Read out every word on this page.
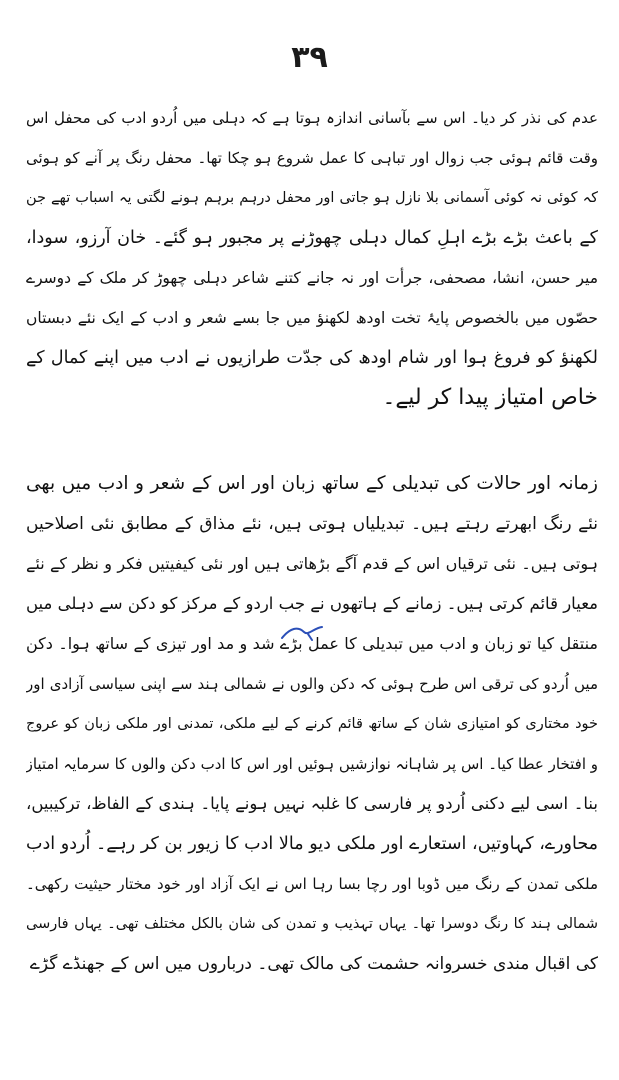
۳۹
عدم کی نذر کر دیا۔ اس سے بآسانی اندازہ ہوتا ہے کہ دہلی میں اُردو ادب کی محفل اس
وقت قائم ہوئی جب زوال اور تباہی کا عمل شروع ہو چکا تھا۔ محفل رنگ پر آنے کو ہوئی
کہ کوئی نہ کوئی آسمانی بلا نازل ہو جاتی اور محفل درہم برہم ہونے لگتی یہ اسباب تھے جن
کے باعث بڑے بڑے اہلِ کمال دہلی چھوڑنے پر مجبور ہو گئے۔ خان آرزو، سودا،
میر حسن، انشا، مصحفی، جرأت اور نہ جانے کتنے شاعر دہلی چھوڑ کر ملک کے دوسرے
حصّوں میں بالخصوص پایۂ تخت اودھ لکھنؤ میں جا بسے شعر و ادب کے ایک نئے دبستاں
لکھنؤ کو فروغ ہوا اور شام اودھ کی جدّت طرازیوں نے ادب میں اپنے کمال کے
خاص امتیاز پیدا کر لیے۔
زمانہ اور حالات کی تبدیلی کے ساتھ زبان اور اس کے شعر و ادب میں بھی
نئے رنگ ابھرتے رہتے ہیں۔ تبدیلیاں ہوتی ہیں، نئے مذاق کے مطابق نئی اصلاحیں
ہوتی ہیں۔ نئی ترقیاں اس کے قدم آگے بڑھاتی ہیں اور نئی کیفیتیں فکر و نظر کے نئے
معیار قائم کرتی ہیں۔ زمانے کے ہاتھوں نے جب اردو کے مرکز کو دکن سے دہلی میں
منتقل کیا تو زبان و ادب میں تبدیلی کا عمل بڑے شد و مد اور تیزی کے ساتھ ہوا۔ دکن
میں اُردو کی ترقی اس طرح ہوئی کہ دکن والوں نے شمالی ہند سے اپنی سیاسی آزادی اور
خود مختاری کو امتیازی شان کے ساتھ قائم کرنے کے لیے ملکی، تمدنی اور ملکی زبان کو عروج
و افتخار عطا کیا۔ اس پر شاہانہ نوازشیں ہوئیں اور اس کا ادب دکن والوں کا سرمایہ امتیاز
بنا۔ اسی لیے دکنی اُردو پر فارسی کا غلبہ نہیں ہونے پایا۔ ہندی کے الفاظ، ترکیبیں،
محاورے، کہاوتیں، استعارے اور ملکی دیو مالا ادب کا زیور بن کر رہے۔ اُردو ادب
ملکی تمدن کے رنگ میں ڈوبا اور رچا بسا رہا اس نے ایک آزاد اور خود مختار حیثیت رکھی۔
شمالی ہند کا رنگ دوسرا تھا۔ یہاں تہذیب و تمدن کی شان بالکل مختلف تھی۔ یہاں فارسی
کی اقبال مندی خسروانہ حشمت کی مالک تھی۔ درباروں میں اس کے جھنڈے گڑے
